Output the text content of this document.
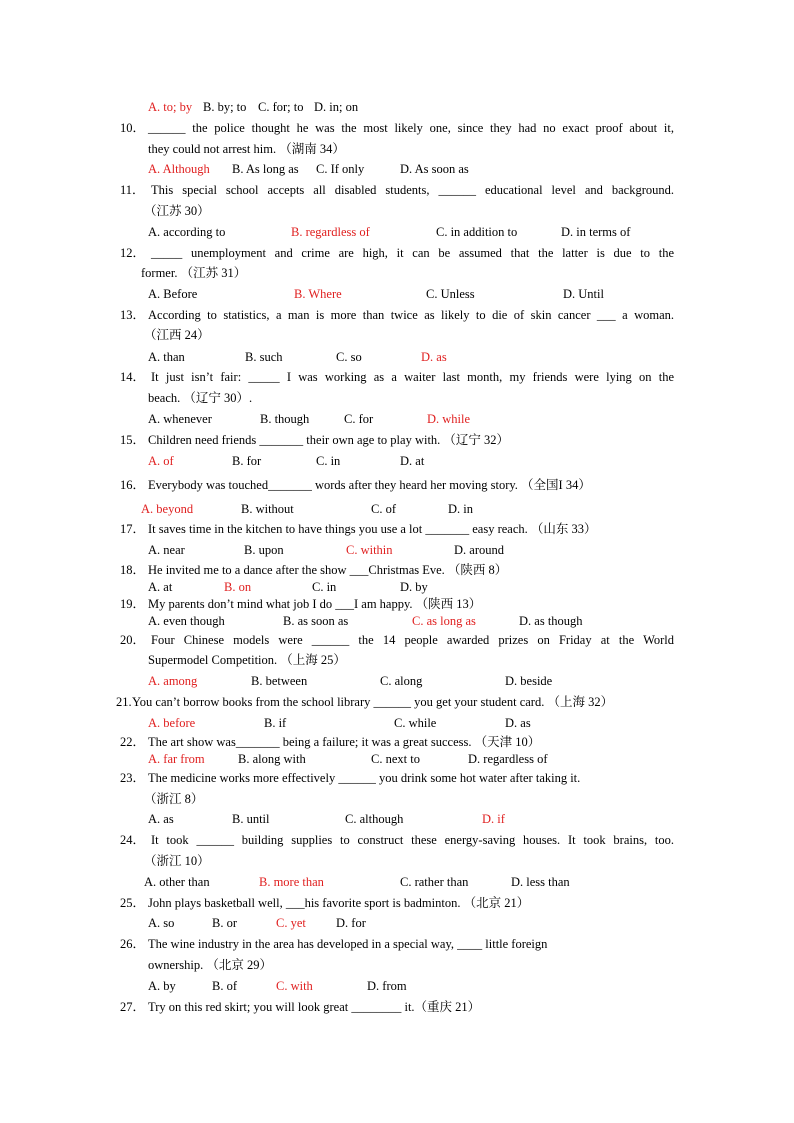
A. to; by B. by; to C. for; to D. in; on
10． ______ the police thought he was the most likely one, since they had no exact proof about it,
they could not arrest him. （湖南 34）
A. Although B. As long as C. If only	D. As soon as
11． This special school accepts all disabled students, ______ educational level and background.
（江苏 30）
A. according to	B. regardless of	C. in addition to	D. in terms of
12． _____ unemployment and crime are high, it can be assumed that the latter is due to the
former. （江苏 31）
A. Before	B. Where	C. Unless	D. Until
13． According to statistics, a man is more than twice as likely to die of skin cancer ___ a woman.
（江西 24）
A. than	B. such	C. so	D. as
14． It just isn’t fair: _____ I was working as a waiter last month, my friends were lying on the
beach. （辽宁 30）.
A. whenever	B. though	C. for	D. while
15． Children need friends _______ their own age to play with. （辽宁 32）
A. of	B. for	C. in	D. at
16． Everybody was touched_______ words after they heard her moving story. （全国I 34）
A. beyond	B. without	C. of	D. in
17． It saves time in the kitchen to have things you use a lot _______ easy reach. （山东 33）
A. near	B. upon	C. within	D. around
18． He invited me to a dance after the show ___Christmas Eve. （陕西 8）
A. at	B. on	C. in	D. by
19． My parents don’t mind what job I do ___I am happy. （陕西 13）
A. even though	B. as soon as	C. as long as	D. as though
20． Four Chinese models were ______ the 14 people awarded prizes on Friday at the World
Supermodel Competition. （上海 25）
A. among	B. between	C. along	D. beside
21. You can’t borrow books from the school library ______ you get your student card. （上海 32）
A. before	B. if	C. while	D. as
22． The art show was_______ being a failure; it was a great success. （天津 10）
A. far from	B. along with	C. next to	D. regardless of
23． The medicine works more effectively ______ you drink some hot water after taking it.
（浙江 8）
A. as	B. until	C. although	D. if
24． It took ______ building supplies to construct these energy-saving houses. It took brains, too.
（浙江 10）
A. other than	B. more than	C. rather than	D. less than
25． John plays basketball well, ___his favorite sport is badminton. （北京 21）
A. so	B. or	C. yet D. for
26． The wine industry in the area has developed in a special way, ____ little foreign
ownership. （北京 29）
A. by	B. of	C. with	D. from
27． Try on this red skirt; you will look great ________ it.（重庆 21）
